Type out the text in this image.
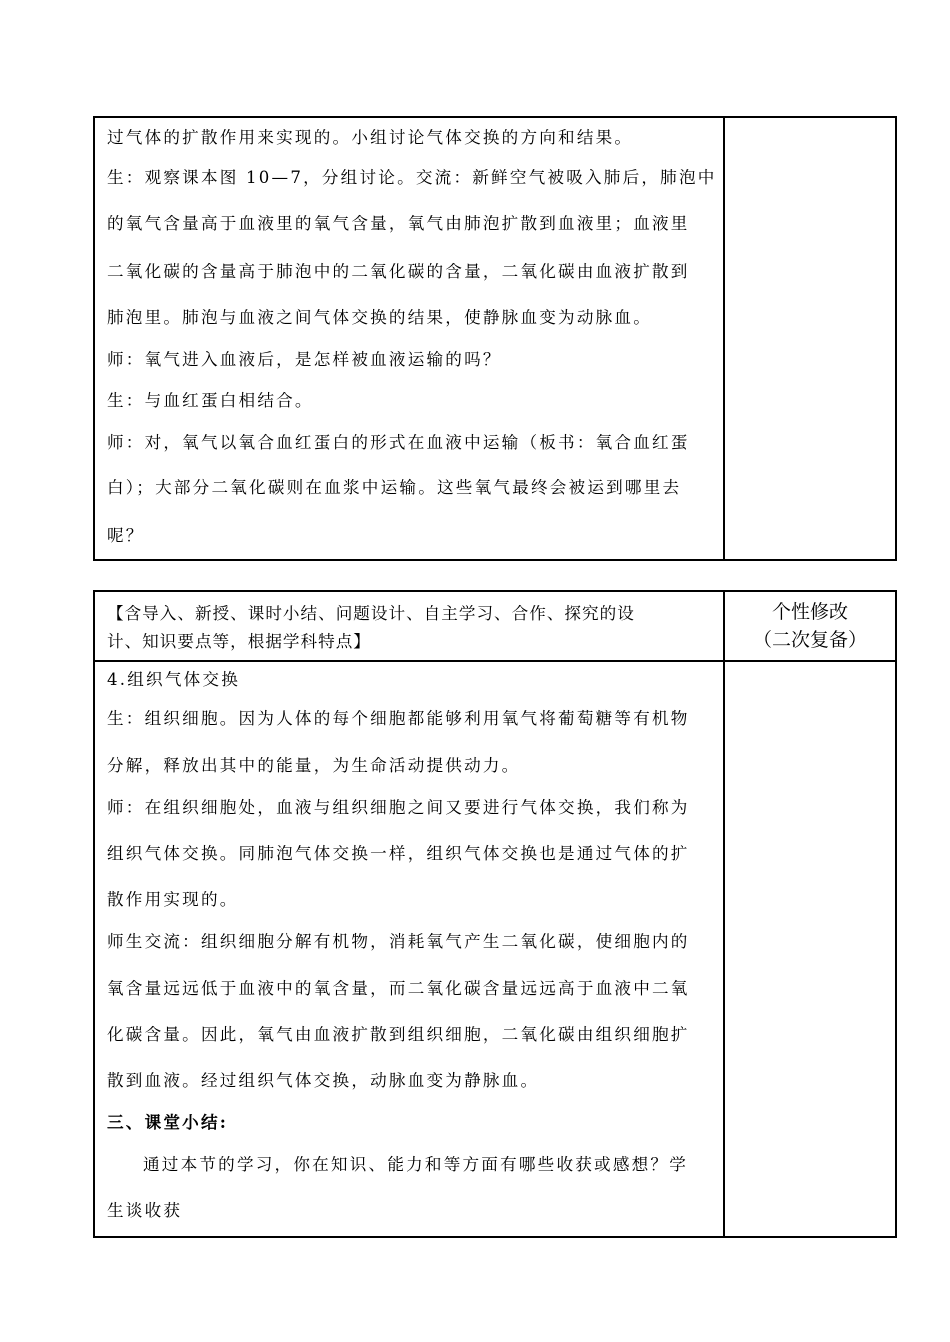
过气体的扩散作用来实现的。小组讨论气体交换的方向和结果。
生：观察课本图 10—7，分组讨论。交流：新鲜空气被吸入肺后，肺泡中
的氧气含量高于血液里的氧气含量，氧气由肺泡扩散到血液里；血液里
二氧化碳的含量高于肺泡中的二氧化碳的含量，二氧化碳由血液扩散到
肺泡里。肺泡与血液之间气体交换的结果，使静脉血变为动脉血。
师：氧气进入血液后，是怎样被血液运输的吗？
生：与血红蛋白相结合。
师：对，氧气以氧合血红蛋白的形式在血液中运输（板书：氧合血红蛋
白）；大部分二氧化碳则在血浆中运输。这些氧气最终会被运到哪里去
呢？
【含导入、新授、课时小结、问题设计、自主学习、合作、探究的设
计、知识要点等，根据学科特点】
个性修改
（二次复备）
4.组织气体交换
生：组织细胞。因为人体的每个细胞都能够利用氧气将葡萄糖等有机物
分解，释放出其中的能量，为生命活动提供动力。
师：在组织细胞处，血液与组织细胞之间又要进行气体交换，我们称为
组织气体交换。同肺泡气体交换一样，组织气体交换也是通过气体的扩
散作用实现的。
师生交流：组织细胞分解有机物，消耗氧气产生二氧化碳，使细胞内的
氧含量远远低于血液中的氧含量，而二氧化碳含量远远高于血液中二氧
化碳含量。因此，氧气由血液扩散到组织细胞，二氧化碳由组织细胞扩
散到血液。经过组织气体交换，动脉血变为静脉血。
三、课堂小结:
通过本节的学习，你在知识、能力和等方面有哪些收获或感想？学
生谈收获
